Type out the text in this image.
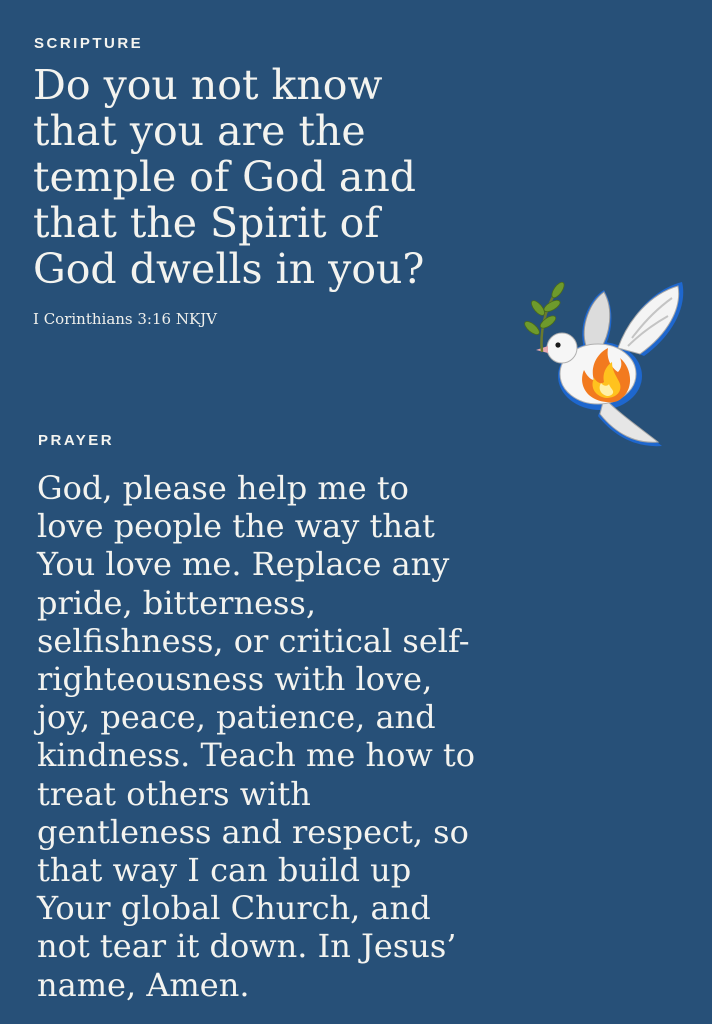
SCRIPTURE

Do you not know
that you are the
temple of God and
that the Spirit of
God dwells in you?

I Corinthians 3:16 NKJV

PRAYER

God, please help me to
love people the way that
You love me. Replace any
pride, bitterness,
selfishness, or critical self-
righteousness with love,
joy, peace, patience, and
kindness. Teach me how to
treat others with
gentleness and respect, so
that way I can build up
Your global Church, and
not tear it down. In Jesus’
name, Amen.
